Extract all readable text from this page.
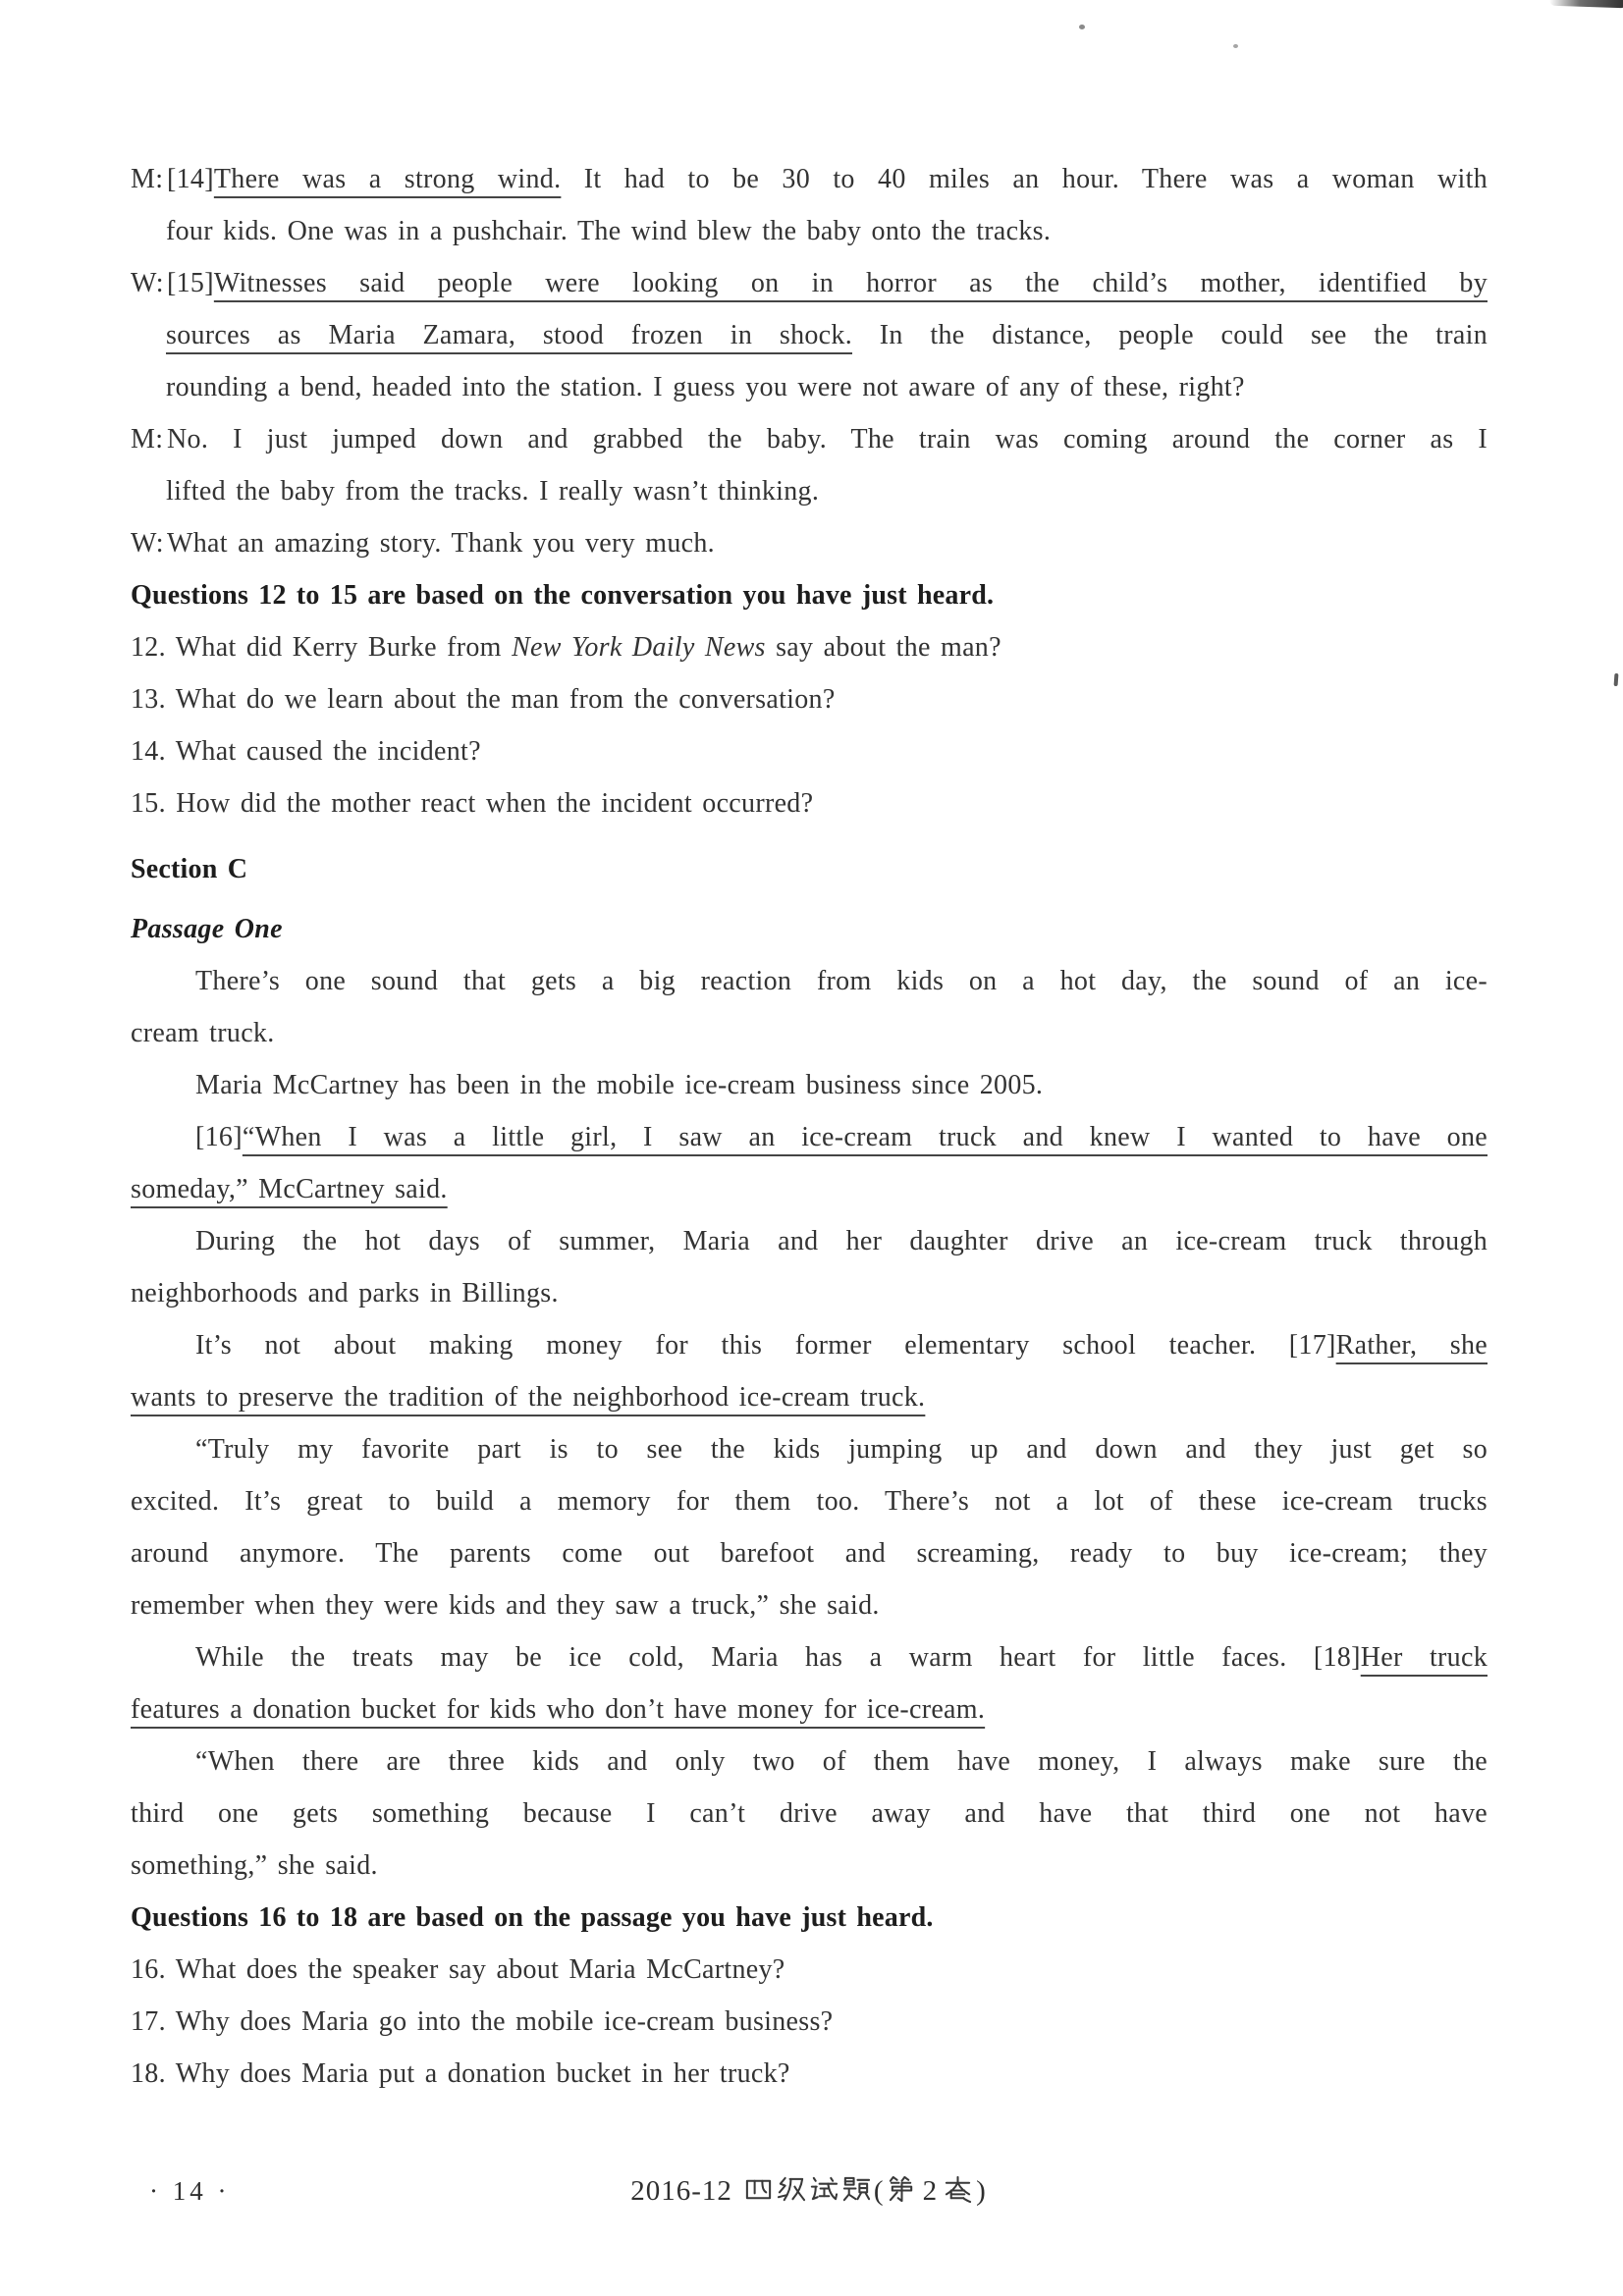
M: [14]There was a strong wind. It had to be 30 to 40 miles an hour. There was a woman with
four kids. One was in a pushchair. The wind blew the baby onto the tracks.
W: [15]Witnesses said people were looking on in horror as the child’s mother, identified by
sources as Maria Zamara, stood frozen in shock. In the distance, people could see the train
rounding a bend, headed into the station. I guess you were not aware of any of these, right?
M: No. I just jumped down and grabbed the baby. The train was coming around the corner as I
lifted the baby from the tracks. I really wasn’t thinking.
W: What an amazing story. Thank you very much.
Questions 12 to 15 are based on the conversation you have just heard.
12. What did Kerry Burke from New York Daily News say about the man?
13. What do we learn about the man from the conversation?
14. What caused the incident?
15. How did the mother react when the incident occurred?
Section C
Passage One
There’s one sound that gets a big reaction from kids on a hot day, the sound of an ice-
cream truck.
Maria McCartney has been in the mobile ice-cream business since 2005.
[16]“When I was a little girl, I saw an ice-cream truck and knew I wanted to have one
someday,” McCartney said.
During the hot days of summer, Maria and her daughter drive an ice-cream truck through
neighborhoods and parks in Billings.
It’s not about making money for this former elementary school teacher. [17]Rather, she
wants to preserve the tradition of the neighborhood ice-cream truck.
“Truly my favorite part is to see the kids jumping up and down and they just get so
excited. It’s great to build a memory for them too. There’s not a lot of these ice-cream trucks
around anymore. The parents come out barefoot and screaming, ready to buy ice-cream; they
remember when they were kids and they saw a truck,” she said.
While the treats may be ice cold, Maria has a warm heart for little faces. [18]Her truck
features a donation bucket for kids who don’t have money for ice-cream.
“When there are three kids and only two of them have money, I always make sure the
third one gets something because I can’t drive away and have that third one not have
something,” she said.
Questions 16 to 18 are based on the passage you have just heard.
16. What does the speaker say about Maria McCartney?
17. Why does Maria go into the mobile ice-cream business?
18. Why does Maria put a donation bucket in her truck?
· 14 ·	2016-12	( 2 )
